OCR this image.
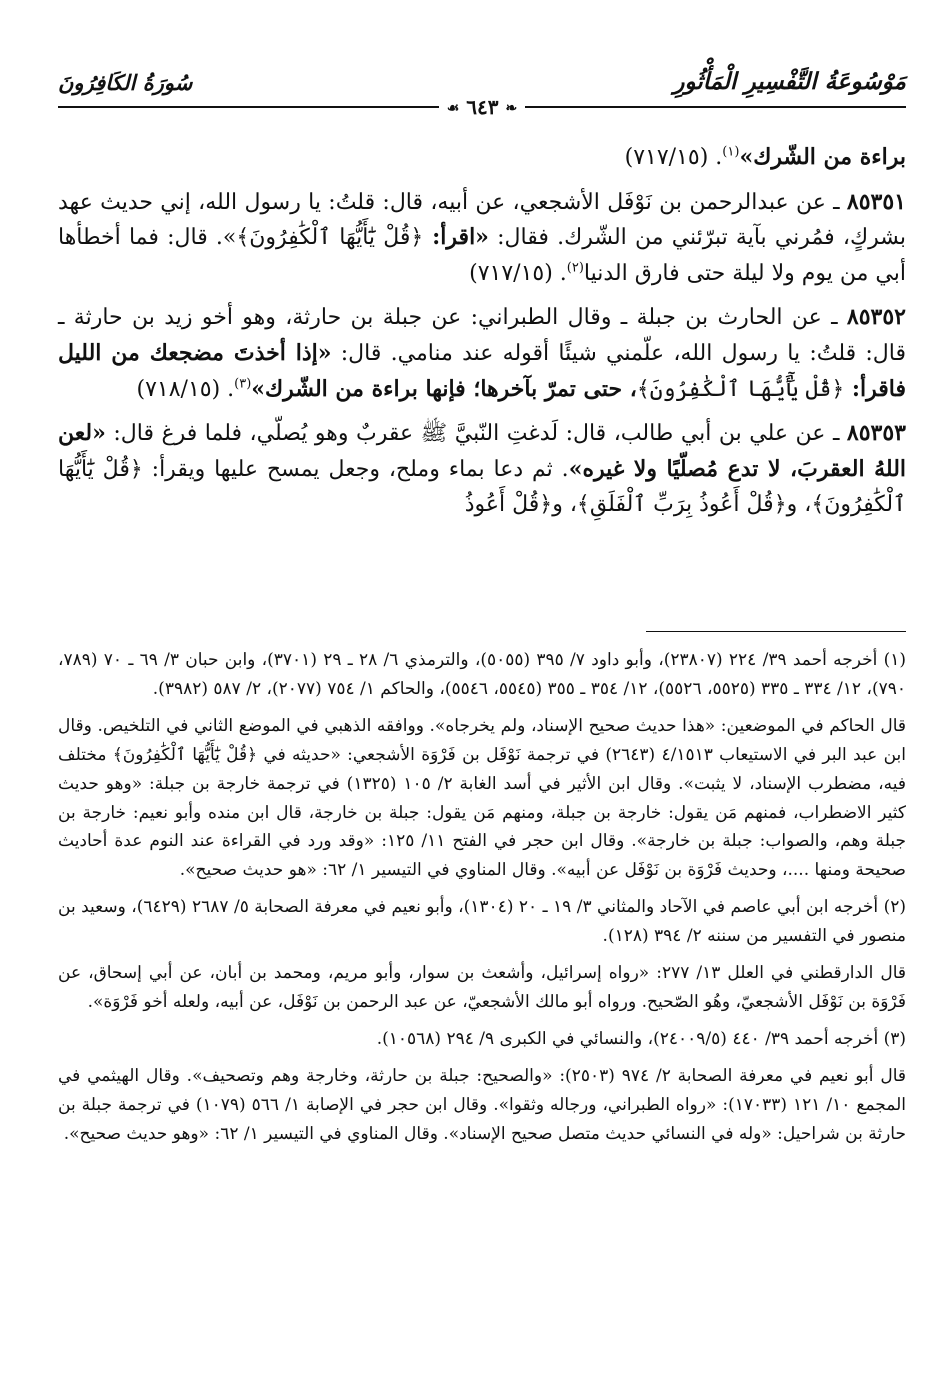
مَوْسُوعَةُ التَّفْسِيرِ الْمَأْثُورِ
سُورَةُ الكَافِرُونَ
❧ ٦٤٣ ☙

براءة من الشّرك»$^{(١)}$. (٧١٧/١٥)

٨٥٣٥١ ـ عن عبدالرحمن بن نَوْفَل الأشجعي، عن أبيه، قال: قلتُ: يا رسول الله، إني حديث عهد بشركٍ، فمُرني بآية تبرّئني من الشّرك. فقال: «اقرأ: ﴿قُلْ يَٰٓأَيُّهَا ٱلْكَٰفِرُونَ﴾». قال: فما أخطأها أبي من يوم ولا ليلة حتى فارق الدنيا$^{(٢)}$. (٧١٧/١٥)

٨٥٣٥٢ ـ عن الحارث بن جبلة ـ وقال الطبراني: عن جبلة بن حارثة، وهو أخو زيد بن حارثة ـ قال: قلتُ: يا رسول الله، علّمني شيئًا أقوله عند منامي. قال: «إذا أخذتَ مضجعك من الليل فاقرأ: ﴿قُلْ يَٰٓأَيُّهَا ٱلْكَٰفِرُونَ﴾، حتى تمرّ بآخرها؛ فإنها براءة من الشّرك»$^{(٣)}$. (٧١٨/١٥)

٨٥٣٥٣ ـ عن علي بن أبي طالب، قال: لَدغتِ النّبيَّ ﷺ عقربٌ وهو يُصلّي، فلما فرغ قال: «لعن اللهُ العقربَ، لا تدع مُصلّيًا ولا غيره». ثم دعا بماء وملح، وجعل يمسح عليها ويقرأ: ﴿قُلْ يَٰٓأَيُّهَا ٱلْكَٰفِرُونَ﴾، و﴿قُلْ أَعُوذُ بِرَبِّ ٱلْفَلَقِ﴾، و﴿قُلْ أَعُوذُ

(١) أخرجه أحمد ٣٩/ ٢٢٤ (٢٣٨٠٧)، وأبو داود ٧/ ٣٩٥ (٥٠٥٥)، والترمذي ٦/ ٢٨ ـ ٢٩ (٣٧٠١)، وابن حبان ٣/ ٦٩ ـ ٧٠ (٧٨٩، ٧٩٠)، ١٢/ ٣٣٤ ـ ٣٣٥ (٥٥٢٥، ٥٥٢٦)، ١٢/ ٣٥٤ ـ ٣٥٥ (٥٥٤٥، ٥٥٤٦)، والحاكم ١/ ٧٥٤ (٢٠٧٧)، ٢/ ٥٨٧ (٣٩٨٢).

قال الحاكم في الموضعين: «هذا حديث صحيح الإسناد، ولم يخرجاه». ووافقه الذهبي في الموضع الثاني في التلخيص. وقال ابن عبد البر في الاستيعاب ٤/١٥١٣ (٢٦٤٣) في ترجمة نَوْفَل بن فَرْوَة الأشجعي: «حديثه في ﴿قُلْ يَٰٓأَيُّهَا ٱلْكَٰفِرُونَ﴾ مختلف فيه، مضطرب الإسناد، لا يثبت». وقال ابن الأثير في أسد الغابة ٢/ ١٠٥ (١٣٢٥) في ترجمة خارجة بن جبلة: «وهو حديث كثير الاضطراب، فمنهم مَن يقول: خارجة بن جبلة، ومنهم مَن يقول: جبلة بن خارجة، قال ابن منده وأبو نعيم: خارجة بن جبلة وهم، والصواب: جبلة بن خارجة». وقال ابن حجر في الفتح ١١/ ١٢٥: «وقد ورد في القراءة عند النوم عدة أحاديث صحيحة ومنها ....، وحديث فَرْوَة بن نَوْفَل عن أبيه». وقال المناوي في التيسير ١/ ٦٢: «هو حديث صحيح».

(٢) أخرجه ابن أبي عاصم في الآحاد والمثاني ٣/ ١٩ ـ ٢٠ (١٣٠٤)، وأبو نعيم في معرفة الصحابة ٥/ ٢٦٨٧ (٦٤٢٩)، وسعيد بن منصور في التفسير من سننه ٢/ ٣٩٤ (١٢٨).

قال الدارقطني في العلل ١٣/ ٢٧٧: «رواه إسرائيل، وأشعث بن سوار، وأبو مريم، ومحمد بن أبان، عن أبي إسحاق، عن فَرْوَة بن نَوْفَل الأشجعيّ، وهُو الصّحيح. ورواه أبو مالك الأشجعيّ، عن عبد الرحمن بن نَوْفَل، عن أبيه، ولعله أخو فَرْوَة».

(٣) أخرجه أحمد ٣٩/ ٤٤٠ (٢٤٠٠٩/٥)، والنسائي في الكبرى ٩/ ٢٩٤ (١٠٥٦٨).

قال أبو نعيم في معرفة الصحابة ٢/ ٩٧٤ (٢٥٠٣): «والصحيح: جبلة بن حارثة، وخارجة وهم وتصحيف». وقال الهيثمي في المجمع ١٠/ ١٢١ (١٧٠٣٣): «رواه الطبراني، ورجاله وثقوا». وقال ابن حجر في الإصابة ١/ ٥٦٦ (١٠٧٩) في ترجمة جبلة بن حارثة بن شراحيل: «وله في النسائي حديث متصل صحيح الإسناد». وقال المناوي في التيسير ١/ ٦٢: «وهو حديث صحيح».
